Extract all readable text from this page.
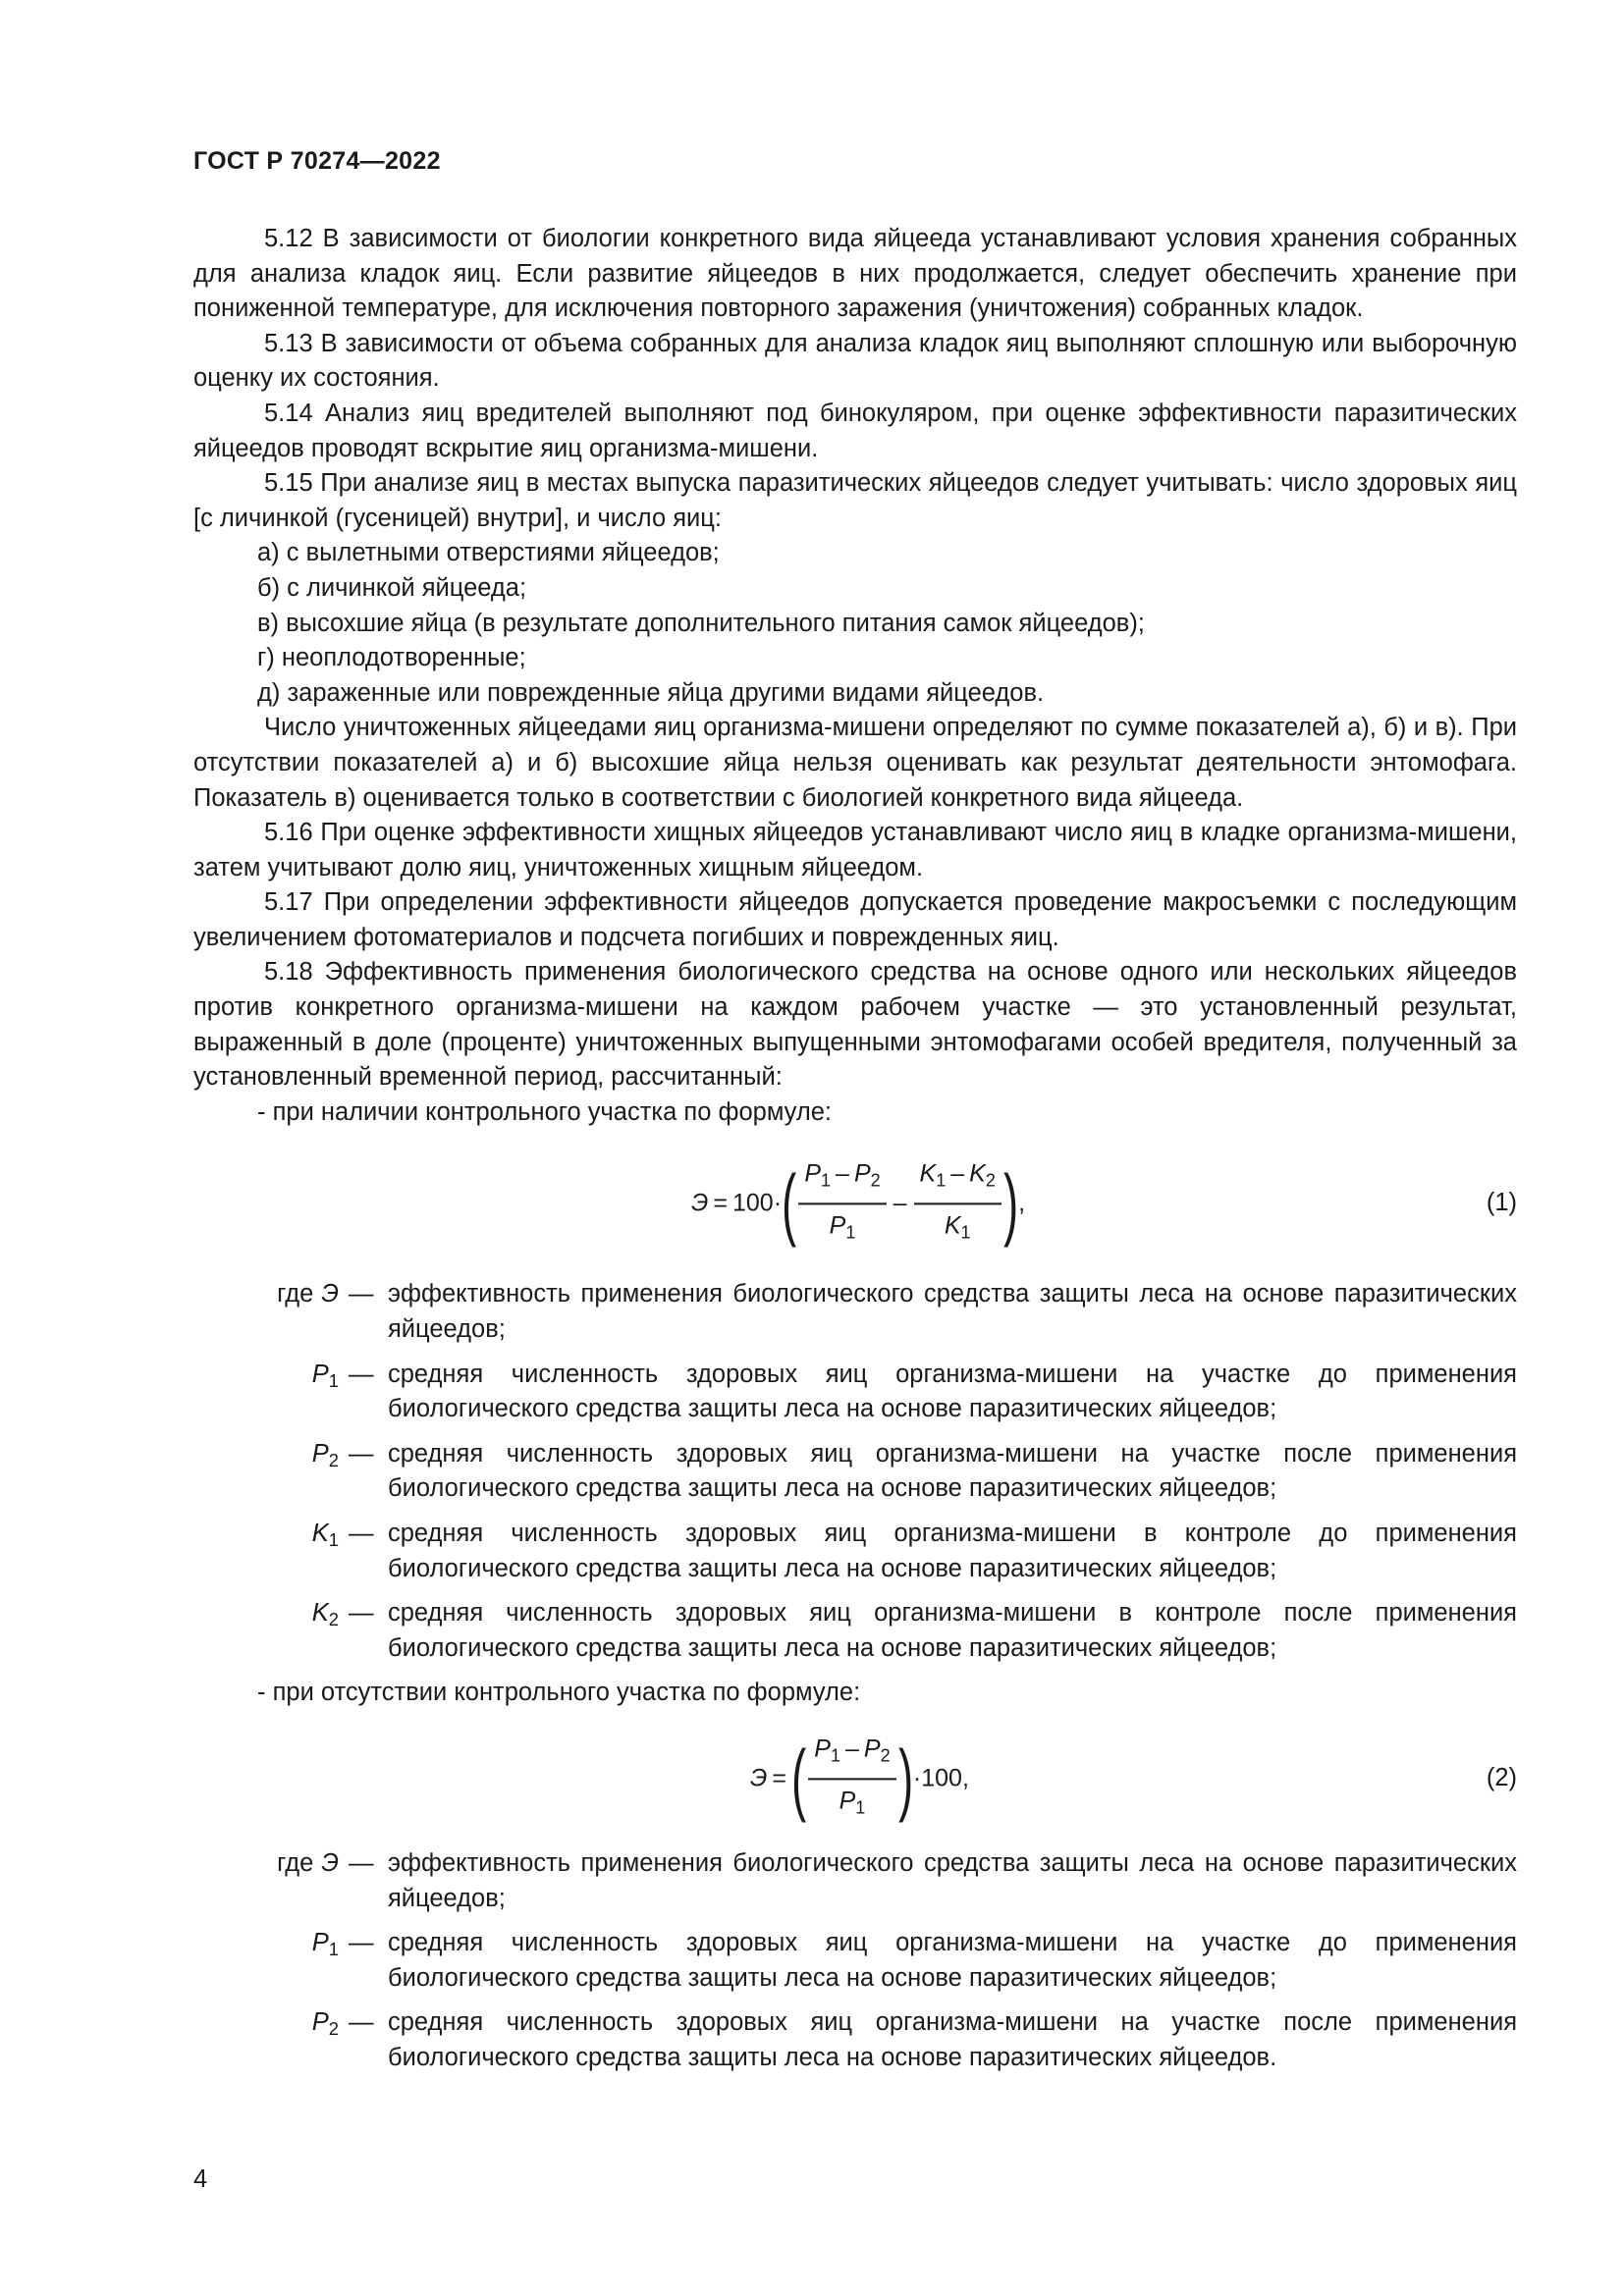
ГОСТ Р 70274—2022

5.12 В зависимости от биологии конкретного вида яйцееда устанавливают условия хранения собранных для анализа кладок яиц. Если развитие яйцеедов в них продолжается, следует обеспечить хранение при пониженной температуре, для исключения повторного заражения (уничтожения) собранных кладок.

5.13 В зависимости от объема собранных для анализа кладок яиц выполняют сплошную или выборочную оценку их состояния.

5.14 Анализ яиц вредителей выполняют под бинокуляром, при оценке эффективности паразитических яйцеедов проводят вскрытие яиц организма-мишени.

5.15 При анализе яиц в местах выпуска паразитических яйцеедов следует учитывать: число здоровых яиц [с личинкой (гусеницей) внутри], и число яиц:

а) с вылетными отверстиями яйцеедов;

б) с личинкой яйцееда;

в) высохшие яйца (в результате дополнительного питания самок яйцеедов);

г) неоплодотворенные;

д) зараженные или поврежденные яйца другими видами яйцеедов.

Число уничтоженных яйцеедами яиц организма-мишени определяют по сумме показателей а), б) и в). При отсутствии показателей а) и б) высохшие яйца нельзя оценивать как результат деятельности энтомофага. Показатель в) оценивается только в соответствии с биологией конкретного вида яйцееда.

5.16 При оценке эффективности хищных яйцеедов устанавливают число яиц в кладке организма-мишени, затем учитывают долю яиц, уничтоженных хищным яйцеедом.

5.17 При определении эффективности яйцеедов допускается проведение макросъемки с последующим увеличением фотоматериалов и подсчета погибших и поврежденных яиц.

5.18 Эффективность применения биологического средства на основе одного или нескольких яйцеедов против конкретного организма-мишени на каждом рабочем участке — это установленный результат, выраженный в доле (проценте) уничтоженных выпущенными энтомофагами особей вредителя, полученный за установленный временной период, рассчитанный:

- при наличии контрольного участка по формуле:

Э = 100 · ( $\frac{P_1 - P_2}{P_1} - \frac{K_1 - K_2}{K_1}$ ) ,	(1)
где Э — эффективность применения биологического средства защиты леса на основе паразитических яйцеедов;
$P_1$ — средняя численность здоровых яиц организма-мишени на участке до применения биологического средства защиты леса на основе паразитических яйцеедов;
$P_2$ — средняя численность здоровых яиц организма-мишени на участке после применения биологического средства защиты леса на основе паразитических яйцеедов;
$K_1$ — средняя численность здоровых яиц организма-мишени в контроле до применения биологического средства защиты леса на основе паразитических яйцеедов;
$K_2$ — средняя численность здоровых яиц организма-мишени в контроле после применения биологического средства защиты леса на основе паразитических яйцеедов;

- при отсутствии контрольного участка по формуле:

Э = ( $\frac{P_1 - P_2}{P_1}$ ) · 100,	(2)
где Э — эффективность применения биологического средства защиты леса на основе паразитических яйцеедов;
$P_1$ — средняя численность здоровых яиц организма-мишени на участке до применения биологического средства защиты леса на основе паразитических яйцеедов;
$P_2$ — средняя численность здоровых яиц организма-мишени на участке после применения биологического средства защиты леса на основе паразитических яйцеедов.
4
